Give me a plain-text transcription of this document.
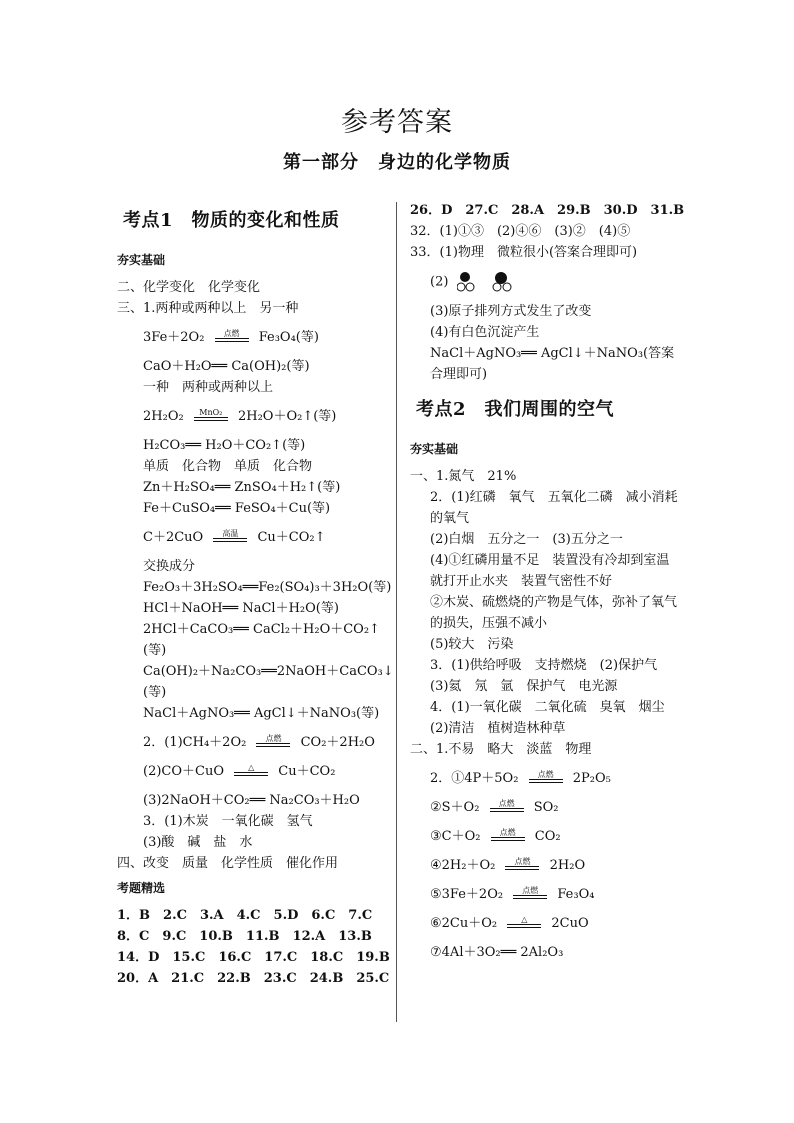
参考答案
第一部分　身边的化学物质
考点1　物质的变化和性质
夯实基础

二、化学变化　化学变化

三、1.两种或两种以上　另一种

3Fe＋2O₂	点燃	Fe₃O₄(等)

CaO＋H₂O══ Ca(OH)₂(等)

一种　两种或两种以上

2H₂O₂	MnO₂	2H₂O＋O₂↑(等)

H₂CO₃══ H₂O＋CO₂↑(等)

单质　化合物　单质　化合物

Zn＋H₂SO₄══ ZnSO₄＋H₂↑(等)

Fe＋CuSO₄══ FeSO₄＋Cu(等)

C＋2CuO	高温	Cu＋CO₂↑

交换成分

Fe₂O₃＋3H₂SO₄══Fe₂(SO₄)₃＋3H₂O(等)

HCl＋NaOH══ NaCl＋H₂O(等)

2HCl＋CaCO₃══ CaCl₂＋H₂O＋CO₂↑

(等)

Ca(OH)₂＋Na₂CO₃══2NaOH＋CaCO₃↓

(等)

NaCl＋AgNO₃══ AgCl↓＋NaNO₃(等)

2．(1)CH₄＋2O₂	点燃	CO₂＋2H₂O

(2)CO＋CuO	△	Cu＋CO₂

(3)2NaOH＋CO₂══ Na₂CO₃＋H₂O

3．(1)木炭　一氧化碳　氢气

(3)酸　碱　盐　水

四、改变　质量　化学性质　催化作用

考题精选

1．B　2.C　3.A　4.C　5.D　6.C　7.C

8．C　9.C　10.B　11.B　12.A　13.B

14．D　15.C　16.C　17.C　18.C　19.B

20．A　21.C　22.B　23.C　24.B　25.C

26．D　27.C　28.A　29.B　30.D　31.B

32．(1)①③　(2)④⑥　(3)②　(4)⑤

33．(1)物理　微粒很小(答案合理即可)

(2)

(3)原子排列方式发生了改变

(4)有白色沉淀产生

NaCl＋AgNO₃══ AgCl↓＋NaNO₃(答案合理即可)

考点2　我们周围的空气
夯实基础

一、1.氮气　21%

2．(1)红磷　氧气　五氧化二磷　减小消耗的氧气

(2)白烟　五分之一　(3)五分之一

(4)①红磷用量不足　装置没有冷却到室温就打开止水夹　装置气密性不好

②木炭、硫燃烧的产物是气体，弥补了氧气的损失，压强不减小

(5)较大　污染

3．(1)供给呼吸　支持燃烧　(2)保护气

(3)氦　氖　氩　保护气　电光源

4．(1)一氧化碳　二氧化硫　臭氧　烟尘

(2)清洁　植树造林种草

二、1.不易　略大　淡蓝　物理

2．①4P＋5O₂	点燃	2P₂O₅

②S＋O₂	点燃	SO₂

③C＋O₂	点燃	CO₂

④2H₂＋O₂	点燃	2H₂O

⑤3Fe＋2O₂	点燃	Fe₃O₄

⑥2Cu＋O₂	△	2CuO

⑦4Al＋3O₂══ 2Al₂O₃
